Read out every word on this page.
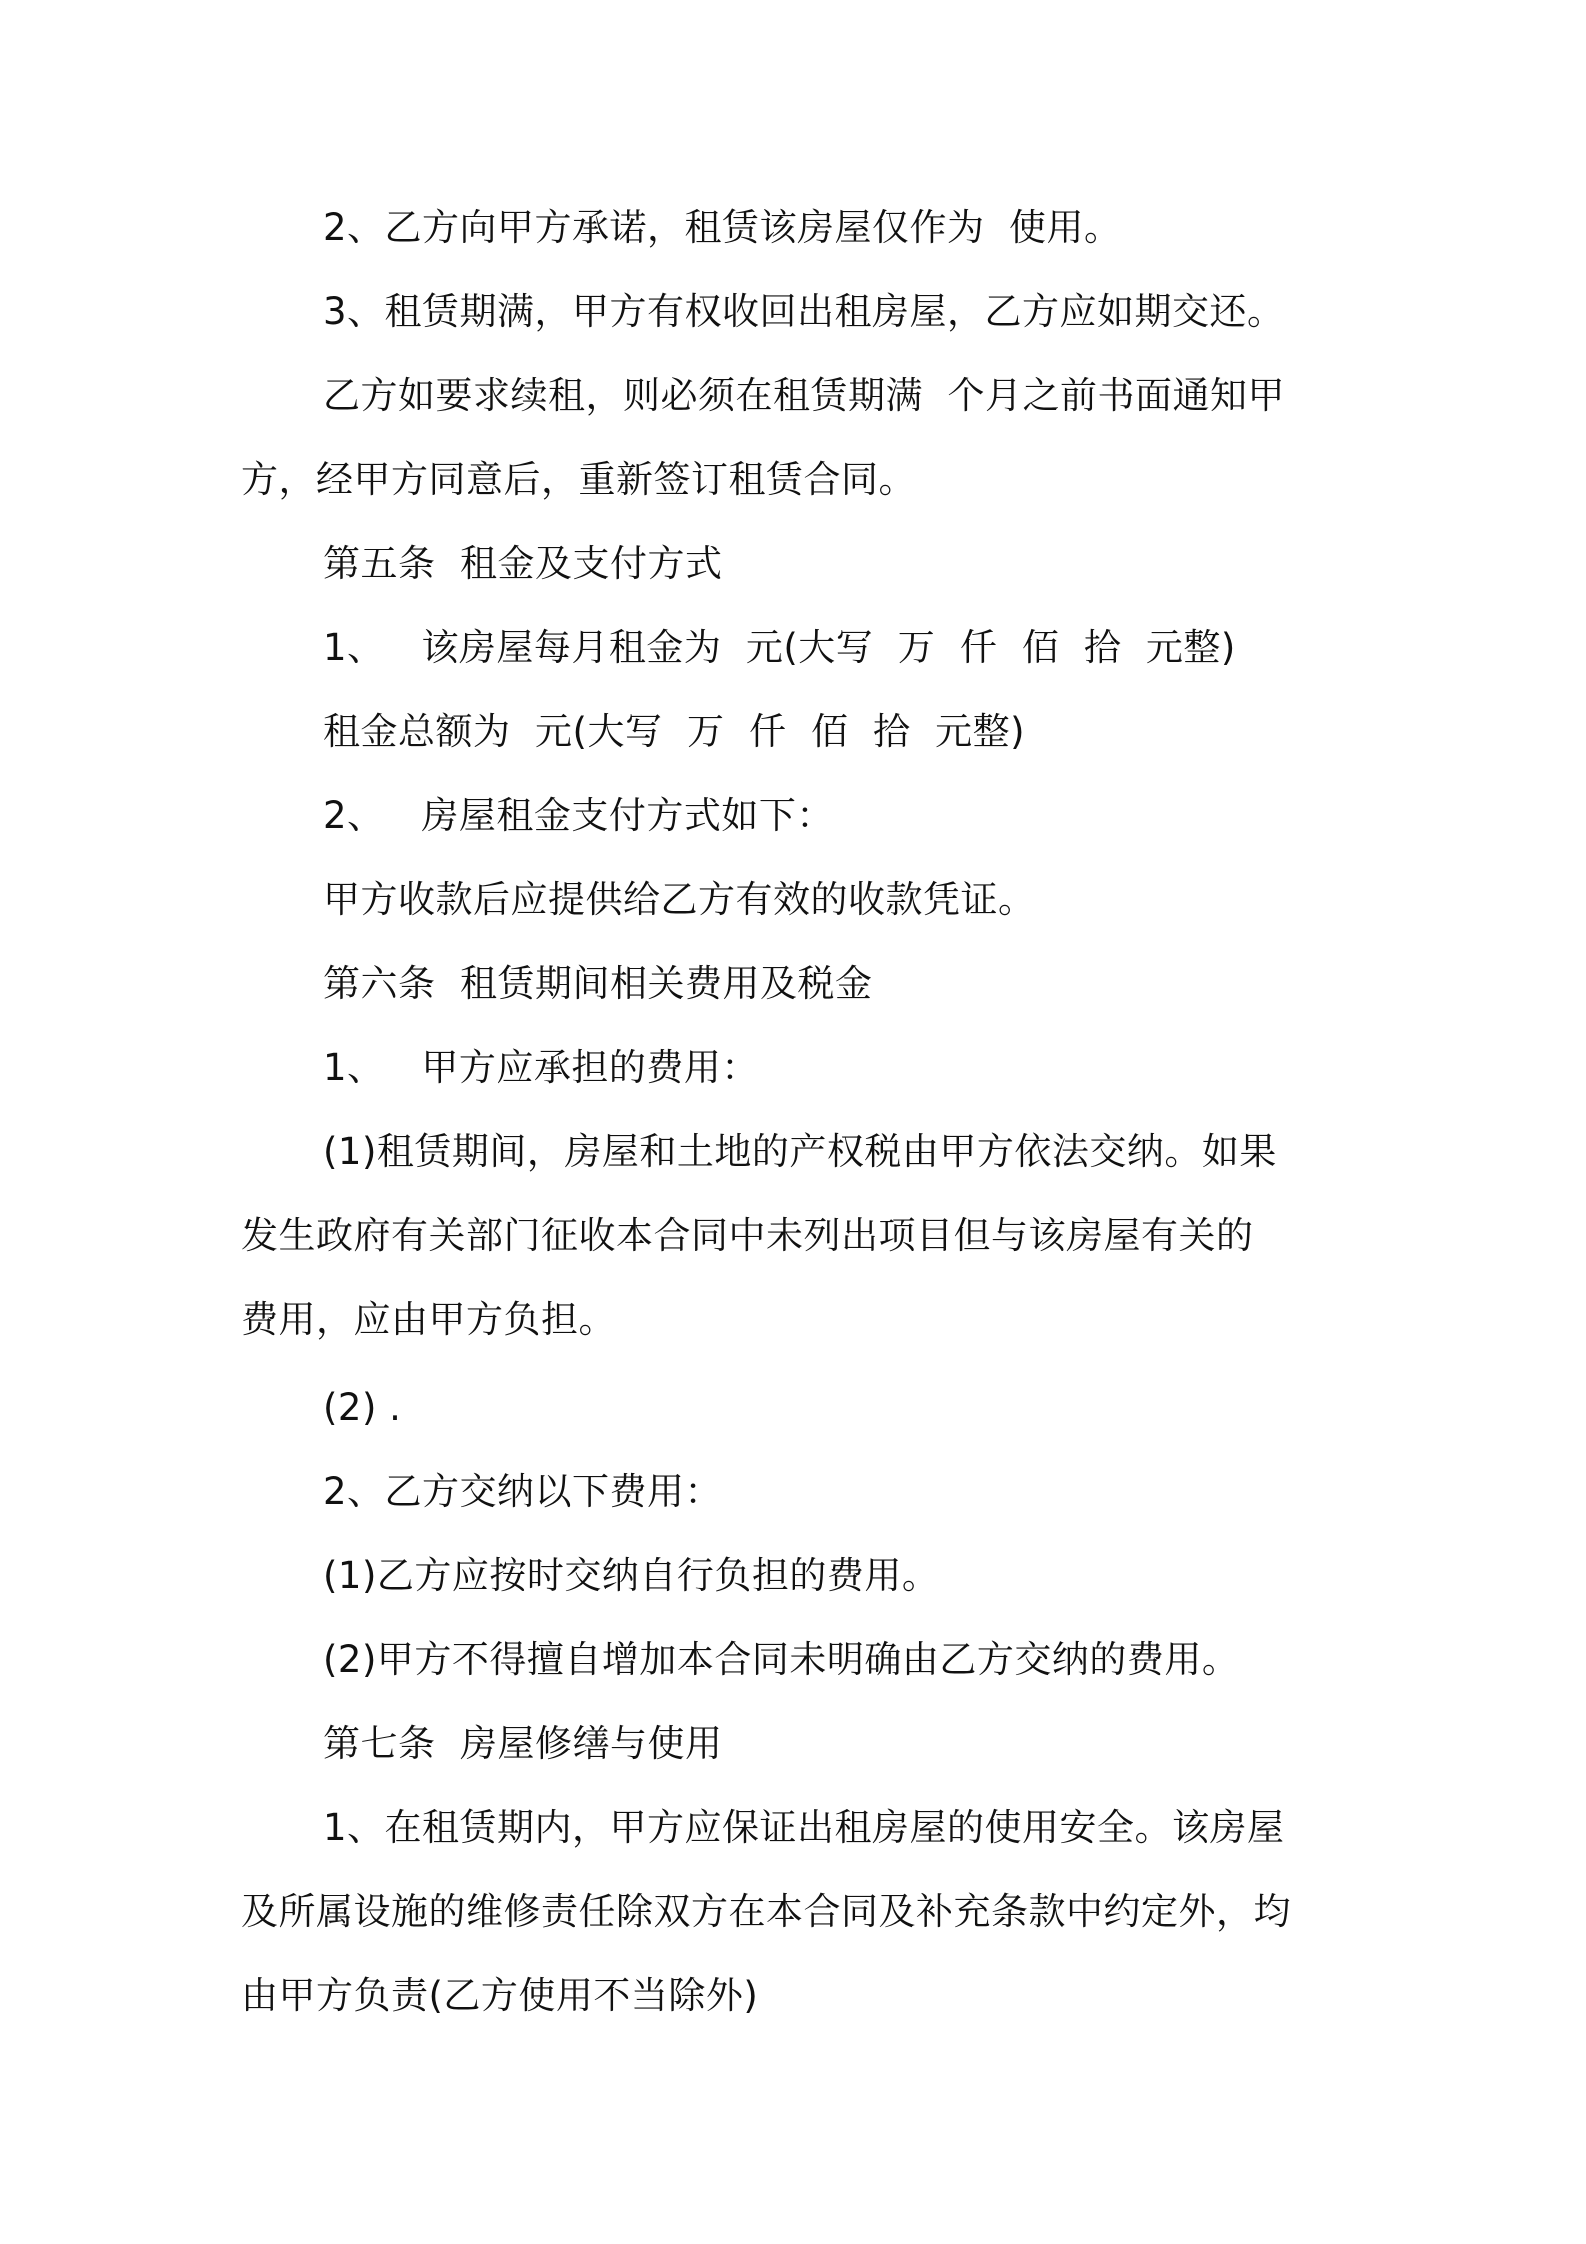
2、乙方向甲方承诺，租赁该房屋仅作为  使用。
3、租赁期满，甲方有权收回出租房屋，乙方应如期交还。
乙方如要求续租，则必须在租赁期满  个月之前书面通知甲
方，经甲方同意后，重新签订租赁合同。
第五条  租金及支付方式
1、   该房屋每月租金为  元(大写  万  仟  佰  拾  元整)
租金总额为  元(大写  万  仟  佰  拾  元整)
2、   房屋租金支付方式如下：
甲方收款后应提供给乙方有效的收款凭证。
第六条  租赁期间相关费用及税金
1、   甲方应承担的费用：
(1)租赁期间，房屋和土地的产权税由甲方依法交纳。如果
发生政府有关部门征收本合同中未列出项目但与该房屋有关的
费用，应由甲方负担。
(2) .
2、乙方交纳以下费用：
(1)乙方应按时交纳自行负担的费用。
(2)甲方不得擅自增加本合同未明确由乙方交纳的费用。
第七条  房屋修缮与使用
1、在租赁期内，甲方应保证出租房屋的使用安全。该房屋
及所属设施的维修责任除双方在本合同及补充条款中约定外，均
由甲方负责(乙方使用不当除外)
